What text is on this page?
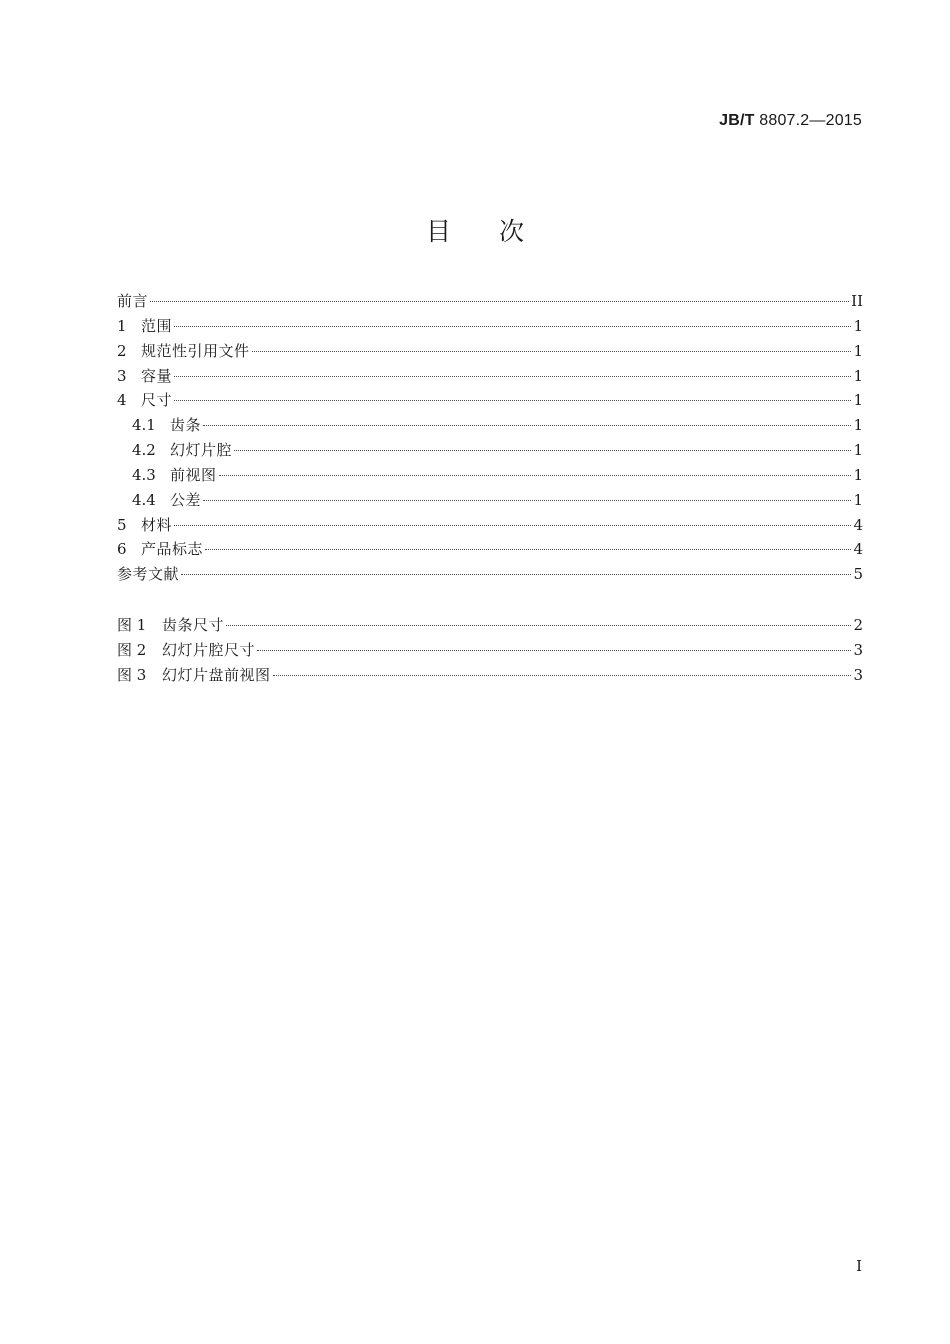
JB/T 8807.2—2015
目次
前言	II
1 范围	1
2 规范性引用文件	1
3 容量	1
4 尺寸	1
4.1 齿条	1
4.2 幻灯片腔	1
4.3 前视图	1
4.4 公差	1
5 材料	4
6 产品标志	4
参考文献	5
图 1	齿条尺寸	2
图 2	幻灯片腔尺寸	3
图 3	幻灯片盘前视图	3
I
